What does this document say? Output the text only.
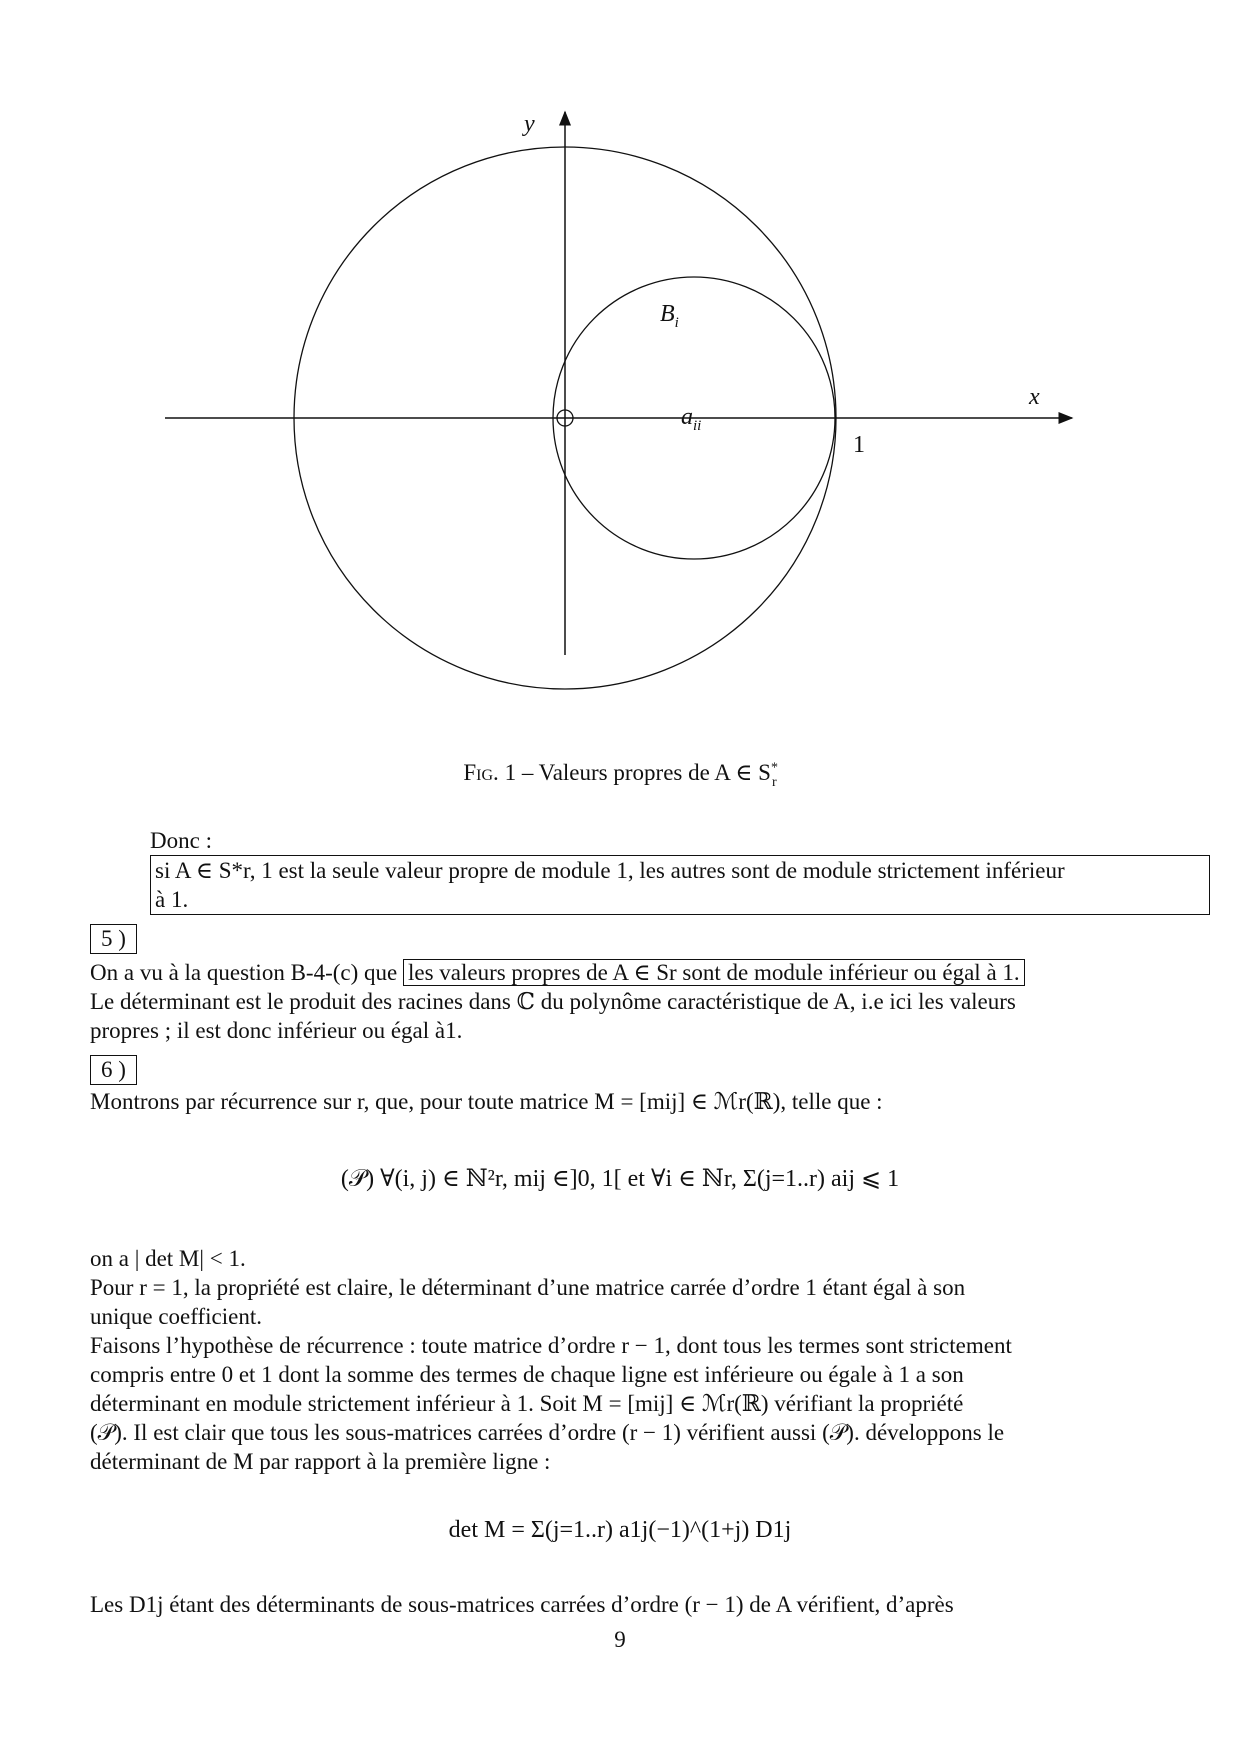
y
x
$B_i$
$a_{ii}$
1
Fig. 1 – Valeurs propres de A ∈ $S^*_r$
Donc :
si A ∈ S*r, 1 est la seule valeur propre de module 1, les autres sont de module strictement inférieur
à 1.
5 )
On a vu à la question B-4-(c) que les valeurs propres de A ∈ Sr sont de module inférieur ou égal à 1.
Le déterminant est le produit des racines dans ℂ du polynôme caractéristique de A, i.e ici les valeurs
propres ; il est donc inférieur ou égal à1.
6 )
Montrons par récurrence sur r, que, pour toute matrice M = [mij] ∈ ℳr(ℝ), telle que :
(𝒫) ∀(i, j) ∈ ℕ²r, mij ∈]0, 1[ et ∀i ∈ ℕr, Σ(j=1..r) aij ⩽ 1
on a | det M| < 1.
Pour r = 1, la propriété est claire, le déterminant d’une matrice carrée d’ordre 1 étant égal à son
unique coefficient.
Faisons l’hypothèse de récurrence : toute matrice d’ordre r − 1, dont tous les termes sont strictement
compris entre 0 et 1 dont la somme des termes de chaque ligne est inférieure ou égale à 1 a son
déterminant en module strictement inférieur à 1. Soit M = [mij] ∈ ℳr(ℝ) vérifiant la propriété
(𝒫). Il est clair que tous les sous-matrices carrées d’ordre (r − 1) vérifient aussi (𝒫). développons le
déterminant de M par rapport à la première ligne :
det M = Σ(j=1..r) a1j(−1)^(1+j) D1j
Les D1j étant des déterminants de sous-matrices carrées d’ordre (r − 1) de A vérifient, d’après
9
